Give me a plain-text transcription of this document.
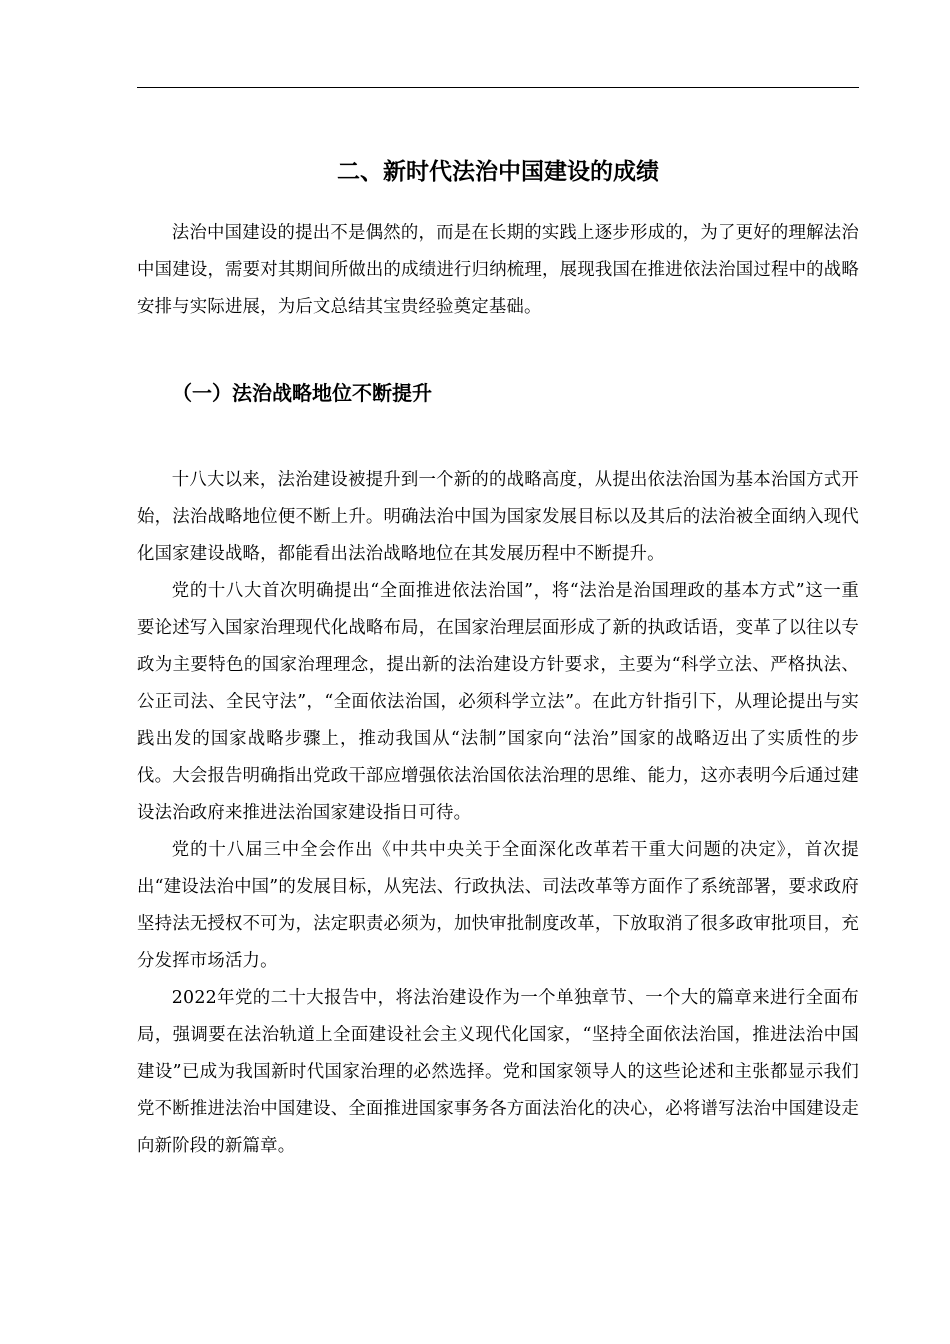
二、新时代法治中国建设的成绩

法治中国建设的提出不是偶然的，而是在长期的实践上逐步形成的，为了更好的理解法治中国建设，需要对其期间所做出的成绩进行归纳梳理，展现我国在推进依法治国过程中的战略安排与实际进展，为后文总结其宝贵经验奠定基础。

（一）法治战略地位不断提升

十八大以来，法治建设被提升到一个新的的战略高度，从提出依法治国为基本治国方式开始，法治战略地位便不断上升。明确法治中国为国家发展目标以及其后的法治被全面纳入现代化国家建设战略，都能看出法治战略地位在其发展历程中不断提升。

党的十八大首次明确提出“全面推进依法治国”，将“法治是治国理政的基本方式”这一重要论述写入国家治理现代化战略布局，在国家治理层面形成了新的执政话语，变革了以往以专政为主要特色的国家治理理念，提出新的法治建设方针要求，主要为“科学立法、严格执法、公正司法、全民守法”，“全面依法治国，必须科学立法”。在此方针指引下，从理论提出与实践出发的国家战略步骤上，推动我国从“法制”国家向“法治”国家的战略迈出了实质性的步伐。大会报告明确指出党政干部应增强依法治国依法治理的思维、能力，这亦表明今后通过建设法治政府来推进法治国家建设指日可待。

党的十八届三中全会作出《中共中央关于全面深化改革若干重大问题的决定》，首次提出“建设法治中国”的发展目标，从宪法、行政执法、司法改革等方面作了系统部署，要求政府坚持法无授权不可为，法定职责必须为，加快审批制度改革，下放取消了很多政审批项目，充分发挥市场活力。

2022年党的二十大报告中，将法治建设作为一个单独章节、一个大的篇章来进行全面布局，强调要在法治轨道上全面建设社会主义现代化国家，“坚持全面依法治国，推进法治中国建设”已成为我国新时代国家治理的必然选择。党和国家领导人的这些论述和主张都显示我们党不断推进法治中国建设、全面推进国家事务各方面法治化的决心，必将谱写法治中国建设走向新阶段的新篇章。
